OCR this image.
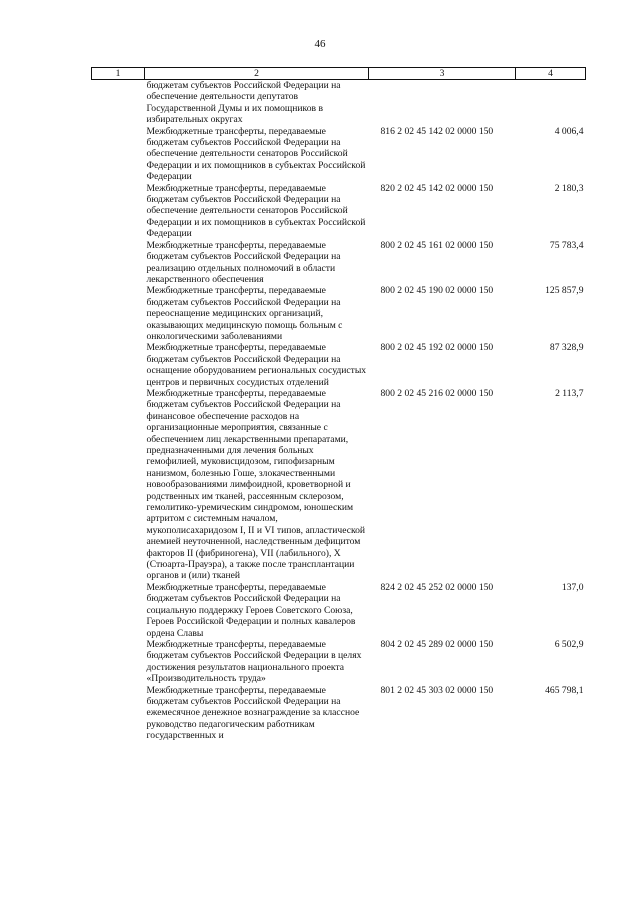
46
1	2	3	4
	бюджетам субъектов Российской Федерации на обеспечение деятельности депутатов Государственной Думы и их помощников в избирательных округах		
	Межбюджетные трансферты, передаваемые бюджетам субъектов Российской Федерации на обеспечение деятельности сенаторов Российской Федерации и их помощников в субъектах Российской Федерации	816 2 02 45 142 02 0000 150	4 006,4
	Межбюджетные трансферты, передаваемые бюджетам субъектов Российской Федерации на обеспечение деятельности сенаторов Российской Федерации и их помощников в субъектах Российской Федерации	820 2 02 45 142 02 0000 150	2 180,3
	Межбюджетные трансферты, передаваемые бюджетам субъектов Российской Федерации на реализацию отдельных полномочий в области лекарственного обеспечения	800 2 02 45 161 02 0000 150	75 783,4
	Межбюджетные трансферты, передаваемые бюджетам субъектов Российской Федерации на переоснащение медицинских организаций, оказывающих медицинскую помощь больным с онкологическими заболеваниями	800 2 02 45 190 02 0000 150	125 857,9
	Межбюджетные трансферты, передаваемые бюджетам субъектов Российской Федерации на оснащение оборудованием региональных сосудистых центров и первичных сосудистых отделений	800 2 02 45 192 02 0000 150	87 328,9
	Межбюджетные трансферты, передаваемые бюджетам субъектов Российской Федерации на финансовое обеспечение расходов на организационные мероприятия, связанные с обеспечением лиц лекарственными препаратами, предназначенными для лечения больных гемофилией, муковисцидозом, гипофизарным нанизмом, болезнью Гоше, злокачественными новообразованиями лимфоидной, кроветворной и родственных им тканей, рассеянным склерозом, гемолитико-уремическим синдромом, юношеским артритом с системным началом, мукополисахаридозом I, II и VI типов, апластической анемией неуточненной, наследственным дефицитом факторов II (фибриногена), VII (лабильного), X (Стюарта-Прауэра), а также после трансплантации органов и (или) тканей	800 2 02 45 216 02 0000 150	2 113,7
	Межбюджетные трансферты, передаваемые бюджетам субъектов Российской Федерации на социальную поддержку Героев Советского Союза, Героев Российской Федерации и полных кавалеров ордена Славы	824 2 02 45 252 02 0000 150	137,0
	Межбюджетные трансферты, передаваемые бюджетам субъектов Российской Федерации в целях достижения результатов национального проекта «Производительность труда»	804 2 02 45 289 02 0000 150	6 502,9
	Межбюджетные трансферты, передаваемые бюджетам субъектов Российской Федерации на ежемесячное денежное вознаграждение за классное руководство педагогическим работникам государственных и	801 2 02 45 303 02 0000 150	465 798,1
